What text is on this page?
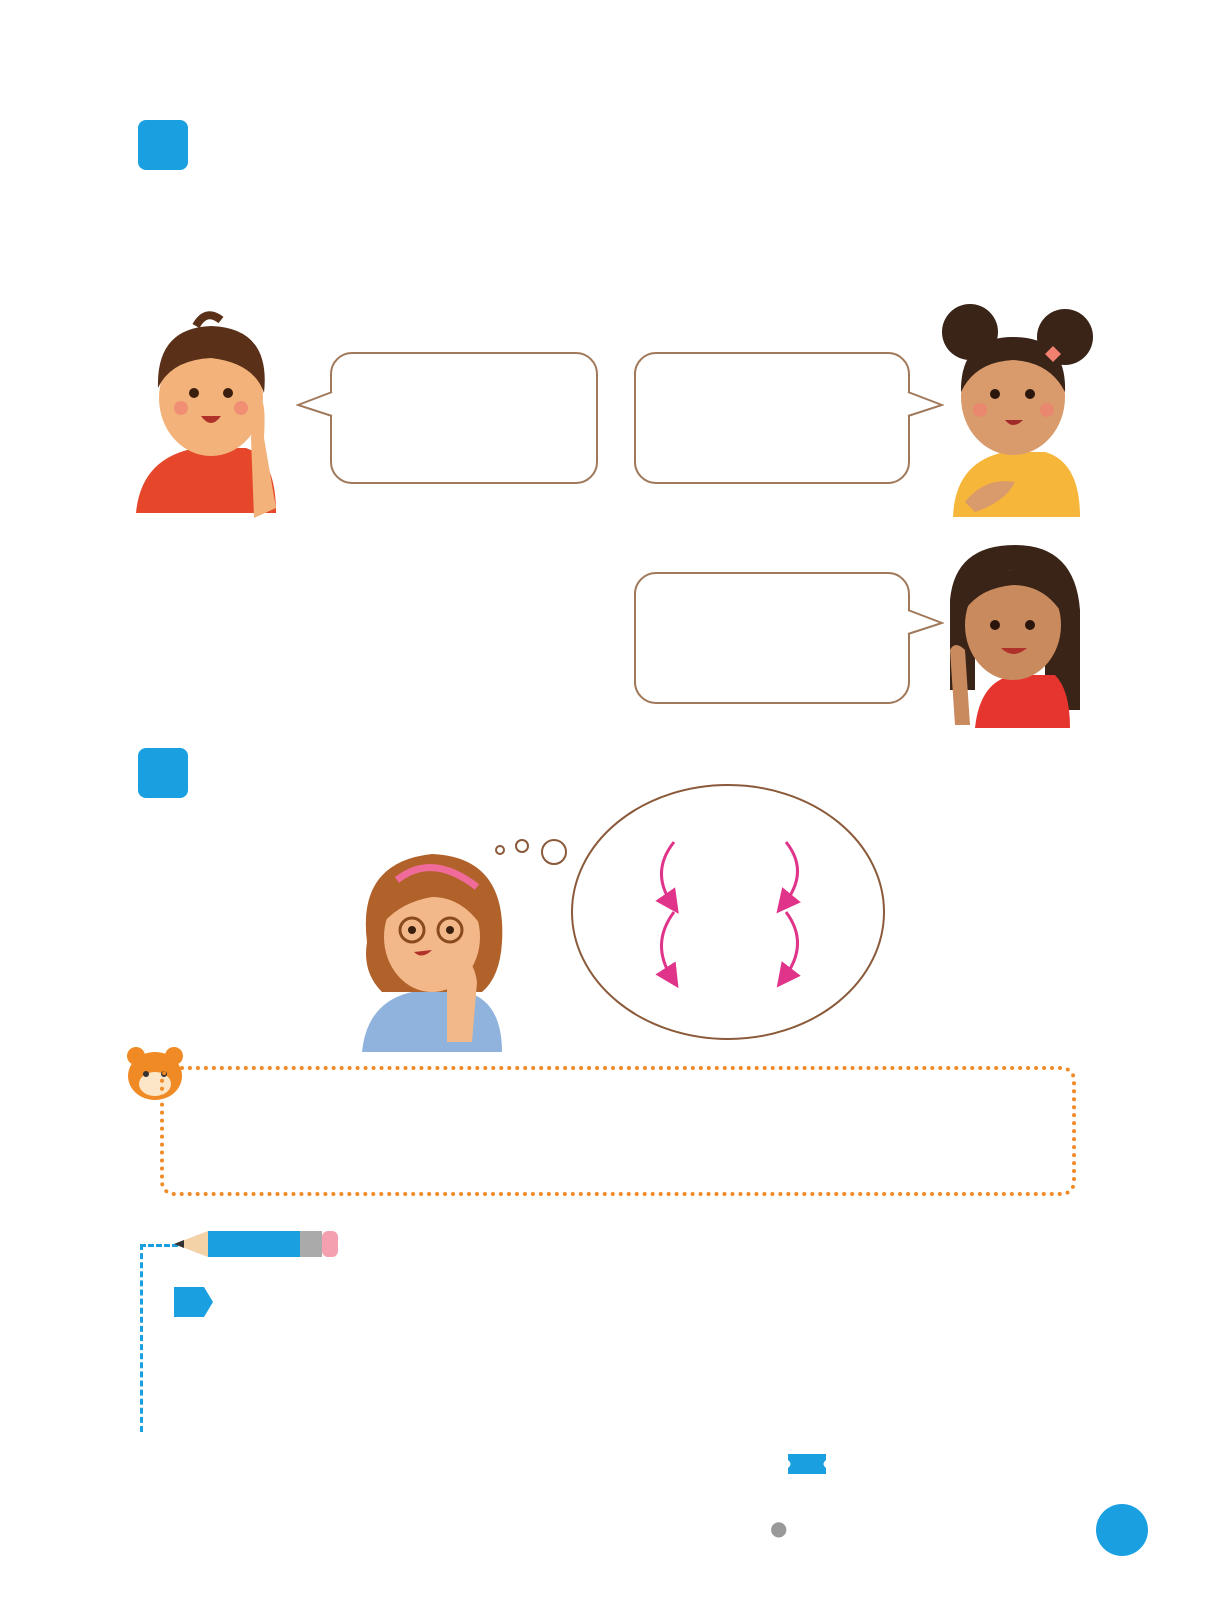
●
